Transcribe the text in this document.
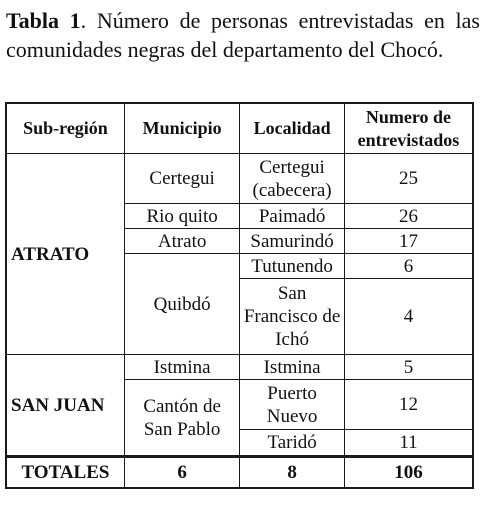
Tabla 1. Número de personas entrevistadas en las comunidades negras del departamento del Chocó.
Sub-región	Municipio	Localidad	Numero de entrevistados
ATRATO	Certegui	Certegui (cabecera)	25
	Rio quito	Paimadó	26
	Atrato	Samurindó	17
	Quibdó	Tutunendo	6
		San Francisco de Ichó	4

SAN JUAN	Istmina	Istmina	5
	Cantón de San Pablo	Puerto Nuevo	12
		Taridó	11
TOTALES	6	8	106
